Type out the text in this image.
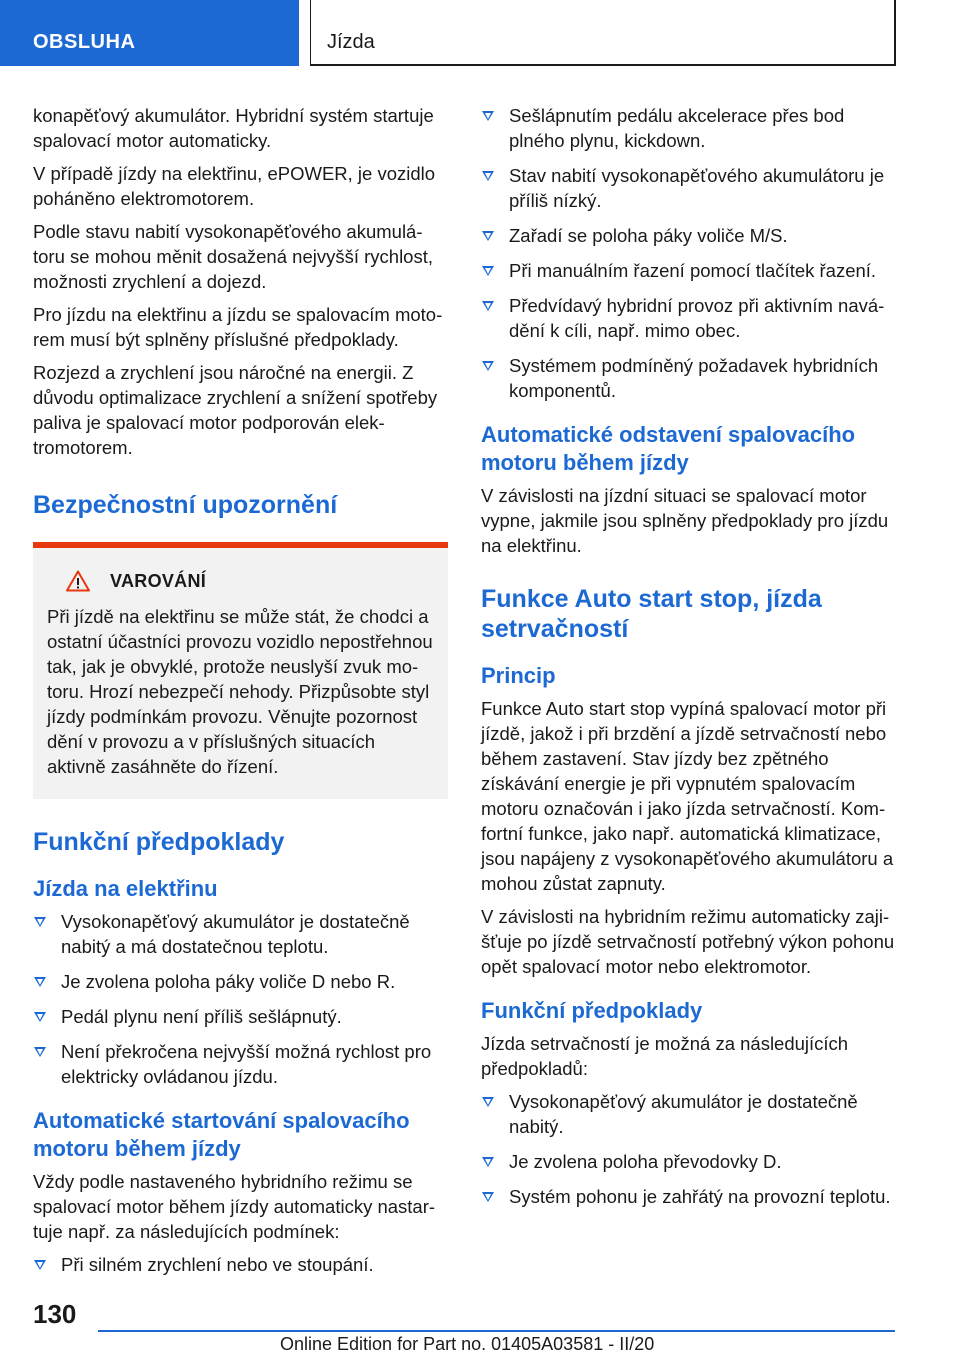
OBSLUHA	Jízda

konapěťový akumulátor. Hybridní systém startuje spalovací motor automaticky.

V případě jízdy na elektřinu, ePOWER, je vozidlo poháněno elektromotorem.

Podle stavu nabití vysokonapěťového akumulátoru se mohou měnit dosažená nejvyšší rychlost, možnosti zrychlení a dojezd.

Pro jízdu na elektřinu a jízdu se spalovacím motorem musí být splněny příslušné předpoklady.

Rozjezd a zrychlení jsou náročné na energii. Z důvodu optimalizace zrychlení a snížení spotřeby paliva je spalovací motor podporován elektromotorem.

Bezpečnostní upozornění
VAROVÁNÍ

Při jízdě na elektřinu se může stát, že chodci a ostatní účastníci provozu vozidlo nepostřehnou tak, jak je obvyklé, protože neuslyší zvuk motoru. Hrozí nebezpečí nehody. Přizpůsobte styl jízdy podmínkám provozu. Věnujte pozornost dění v provozu a v příslušných situacích aktivně zasáhněte do řízení.

Funkční předpoklady
Jízda na elektřinu
Vysokonapěťový akumulátor je dostatečně nabitý a má dostatečnou teplotu.
Je zvolena poloha páky voliče D nebo R.
Pedál plynu není příliš sešlápnutý.
Není překročena nejvyšší možná rychlost pro elektricky ovládanou jízdu.
Automatické startování spalovacího motoru během jízdy

Vždy podle nastaveného hybridního režimu se spalovací motor během jízdy automaticky nastartuje např. za následujících podmínek:

Při silném zrychlení nebo ve stoupání.
Sešlápnutím pedálu akcelerace přes bod plného plynu, kickdown.
Stav nabití vysokonapěťového akumulátoru je příliš nízký.
Zařadí se poloha páky voliče M/S.
Při manuálním řazení pomocí tlačítek řazení.
Předvídavý hybridní provoz při aktivním navádění k cíli, např. mimo obec.
Systémem podmíněný požadavek hybridních komponentů.
Automatické odstavení spalovacího motoru během jízdy

V závislosti na jízdní situaci se spalovací motor vypne, jakmile jsou splněny předpoklady pro jízdu na elektřinu.

Funkce Auto start stop, jízda setrvačností
Princip

Funkce Auto start stop vypíná spalovací motor při jízdě, jakož i při brzdění a jízdě setrvačností nebo během zastavení. Stav jízdy bez zpětného získávání energie je při vypnutém spalovacím motoru označován i jako jízda setrvačností. Komfortní funkce, jako např. automatická klimatizace, jsou napájeny z vysokonapěťového akumulátoru a mohou zůstat zapnuty.

V závislosti na hybridním režimu automaticky zajišťuje po jízdě setrvačností potřebný výkon pohonu opět spalovací motor nebo elektromotor.

Funkční předpoklady

Jízda setrvačností je možná za následujících předpokladů:

Vysokonapěťový akumulátor je dostatečně nabitý.
Je zvolena poloha převodovky D.
Systém pohonu je zahřátý na provozní teplotu.
130
Online Edition for Part no. 01405A03581 - II/20
